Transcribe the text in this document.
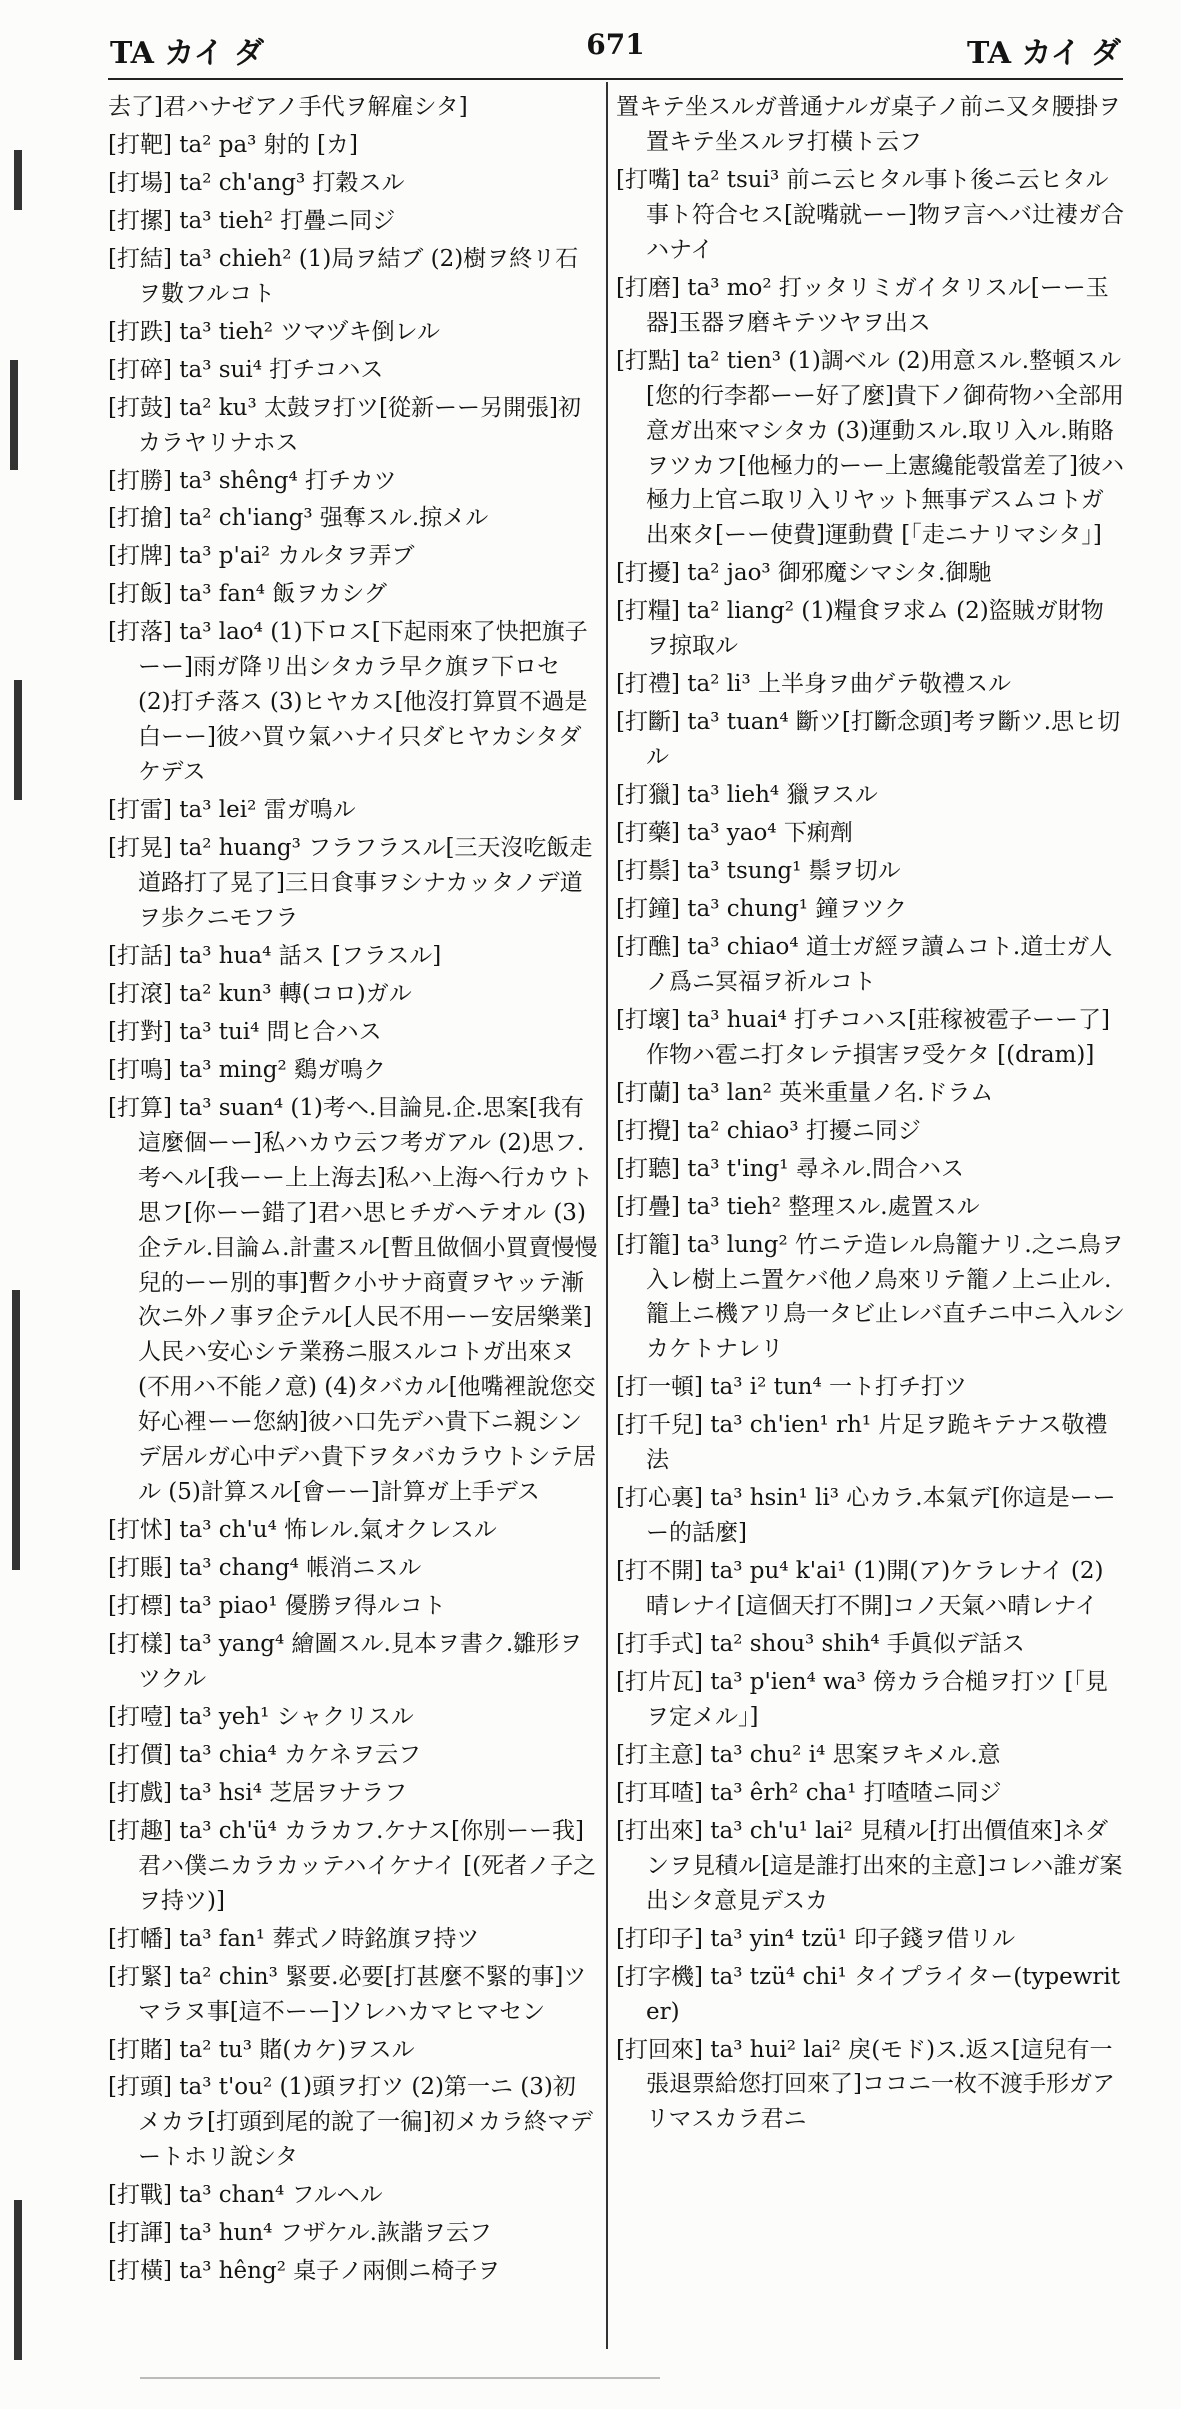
TA カイ ダ	671	TA カイ ダ

去了]君ハナゼアノ手代ヲ解雇シタ]

[打靶] ta² pa³ 射的 [カ]

[打場] ta² ch'ang³ 打穀スル

[打摞] ta³ tieh² 打疊ニ同ジ

[打結] ta³ chieh² (1)局ヲ結ブ (2)樹ヲ終リ石ヲ數フルコト

[打跌] ta³ tieh² ツマヅキ倒レル

[打碎] ta³ sui⁴ 打チコハス

[打鼓] ta² ku³ 太鼓ヲ打ツ[從新ーー另開張]初カラヤリナホス

[打勝] ta³ shêng⁴ 打チカツ

[打搶] ta² ch'iang³ 强奪スル.掠メル

[打牌] ta³ p'ai² カルタヲ弄ブ

[打飯] ta³ fan⁴ 飯ヲカシグ

[打落] ta³ lao⁴ (1)下ロス[下起雨來了快把旗子ーー]雨ガ降リ出シタカラ早ク旗ヲ下ロセ (2)打チ落ス (3)ヒヤカス[他沒打算買不過是白ーー]彼ハ買ウ氣ハナイ只ダヒヤカシタダケデス

[打雷] ta³ lei² 雷ガ鳴ル

[打晃] ta² huang³ フラフラスル[三天沒吃飯走道路打了晃了]三日食事ヲシナカッタノデ道ヲ歩クニモフラ

[打話] ta³ hua⁴ 話ス [フラスル]

[打滾] ta² kun³ 轉(コロ)ガル

[打對] ta³ tui⁴ 問ヒ合ハス

[打鳴] ta³ ming² 鷄ガ鳴ク

[打算] ta³ suan⁴ (1)考ヘ.目論見.企.思案[我有這麼個ーー]私ハカウ云フ考ガアル (2)思フ.考ヘル[我ーー上上海去]私ハ上海ヘ行カウト思フ[你ーー錯了]君ハ思ヒチガヘテオル (3)企テル.目論ム.計畫スル[暫且做個小買賣慢慢兒的ーー別的事]暫ク小サナ商賣ヲヤッテ漸次ニ外ノ事ヲ企テル[人民不用ーー安居樂業]人民ハ安心シテ業務ニ服スルコトガ出來ヌ(不用ハ不能ノ意) (4)タバカル[他嘴裡說您交好心裡ーー您納]彼ハ口先デハ貴下ニ親シンデ居ルガ心中デハ貴下ヲタバカラウトシテ居ル (5)計算スル[會ーー]計算ガ上手デス

[打怵] ta³ ch'u⁴ 怖レル.氣オクレスル

[打賬] ta³ chang⁴ 帳消ニスル

[打標] ta³ piao¹ 優勝ヲ得ルコト

[打樣] ta³ yang⁴ 繪圖スル.見本ヲ書ク.雛形ヲツクル

[打噎] ta³ yeh¹ シャクリスル

[打價] ta³ chia⁴ カケネヲ云フ

[打戲] ta³ hsi⁴ 芝居ヲナラフ

[打趣] ta³ ch'ü⁴ カラカフ.ケナス[你別ーー我]君ハ僕ニカラカッテハイケナイ [(死者ノ子之ヲ持ツ)]

[打幡] ta³ fan¹ 葬式ノ時銘旗ヲ持ツ

[打緊] ta² chin³ 緊要.必要[打甚麼不緊的事]ツマラヌ事[這不ーー]ソレハカマヒマセン

[打賭] ta² tu³ 賭(カケ)ヲスル

[打頭] ta³ t'ou² (1)頭ヲ打ツ (2)第一ニ (3)初メカラ[打頭到尾的說了一徧]初メカラ終マデートホリ說シタ

[打戰] ta³ chan⁴ フルヘル

[打諢] ta³ hun⁴ フザケル.詼諧ヲ云フ

[打橫] ta³ hêng² 桌子ノ兩側ニ椅子ヲ

置キテ坐スルガ普通ナルガ桌子ノ前ニ又タ腰掛ヲ置キテ坐スルヲ打橫ト云フ

[打嘴] ta² tsui³ 前ニ云ヒタル事ト後ニ云ヒタル事ト符合セス[說嘴就ーー]物ヲ言ヘバ辻褄ガ合ハナイ

[打磨] ta³ mo² 打ッタリミガイタリスル[ーー玉器]玉器ヲ磨キテツヤヲ出ス

[打點] ta² tien³ (1)調ベル (2)用意スル.整頓スル[您的行李都ーー好了麼]貴下ノ御荷物ハ全部用意ガ出來マシタカ (3)運動スル.取リ入ル.賄賂ヲツカフ[他極力的ーー上憲纔能彀當差了]彼ハ極力上官ニ取リ入リヤット無事デスムコトガ出來タ[ーー使費]運動費 [「走ニナリマシタ」]

[打擾] ta² jao³ 御邪魔シマシタ.御馳

[打糧] ta² liang² (1)糧食ヲ求ム (2)盜賊ガ財物ヲ掠取ル

[打禮] ta² li³ 上半身ヲ曲ゲテ敬禮スル

[打斷] ta³ tuan⁴ 斷ツ[打斷念頭]考ヲ斷ツ.思ヒ切ル

[打獵] ta³ lieh⁴ 獵ヲスル

[打藥] ta³ yao⁴ 下痢劑

[打鬃] ta³ tsung¹ 鬃ヲ切ル

[打鐘] ta³ chung¹ 鐘ヲツク

[打醮] ta³ chiao⁴ 道士ガ經ヲ讀ムコト.道士ガ人ノ爲ニ冥福ヲ祈ルコト

[打壞] ta³ huai⁴ 打チコハス[莊稼被雹子ーー了]作物ハ雹ニ打タレテ損害ヲ受ケタ [(dram)]

[打蘭] ta³ lan² 英米重量ノ名.ドラム

[打攪] ta² chiao³ 打擾ニ同ジ

[打聽] ta³ t'ing¹ 尋ネル.問合ハス

[打疊] ta³ tieh² 整理スル.處置スル

[打籠] ta³ lung² 竹ニテ造レル鳥籠ナリ.之ニ鳥ヲ入レ樹上ニ置ケバ他ノ鳥來リテ籠ノ上ニ止ル.籠上ニ機アリ鳥一タビ止レバ直チニ中ニ入ルシカケトナレリ

[打一頓] ta³ i² tun⁴ 一ト打チ打ツ

[打千兒] ta³ ch'ien¹ rh¹ 片足ヲ跪キテナス敬禮法

[打心裏] ta³ hsin¹ li³ 心カラ.本氣デ[你這是ーーー的話麼]

[打不開] ta³ pu⁴ k'ai¹ (1)開(ア)ケラレナイ (2)晴レナイ[這個天打不開]コノ天氣ハ晴レナイ

[打手式] ta² shou³ shih⁴ 手眞似デ話ス

[打片瓦] ta³ p'ien⁴ wa³ 傍カラ合槌ヲ打ツ [「見ヲ定メル」]

[打主意] ta³ chu² i⁴ 思案ヲキメル.意

[打耳喳] ta³ êrh² cha¹ 打喳喳ニ同ジ

[打出來] ta³ ch'u¹ lai² 見積ル[打出價值來]ネダンヲ見積ル[這是誰打出來的主意]コレハ誰ガ案出シタ意見デスカ

[打印子] ta³ yin⁴ tzü¹ 印子錢ヲ借リル

[打字機] ta³ tzü⁴ chi¹ タイプライター(typewriter)

[打回來] ta³ hui² lai² 戾(モド)ス.返ス[這兒有一張退票給您打回來了]ココニ一枚不渡手形ガアリマスカラ君ニ
